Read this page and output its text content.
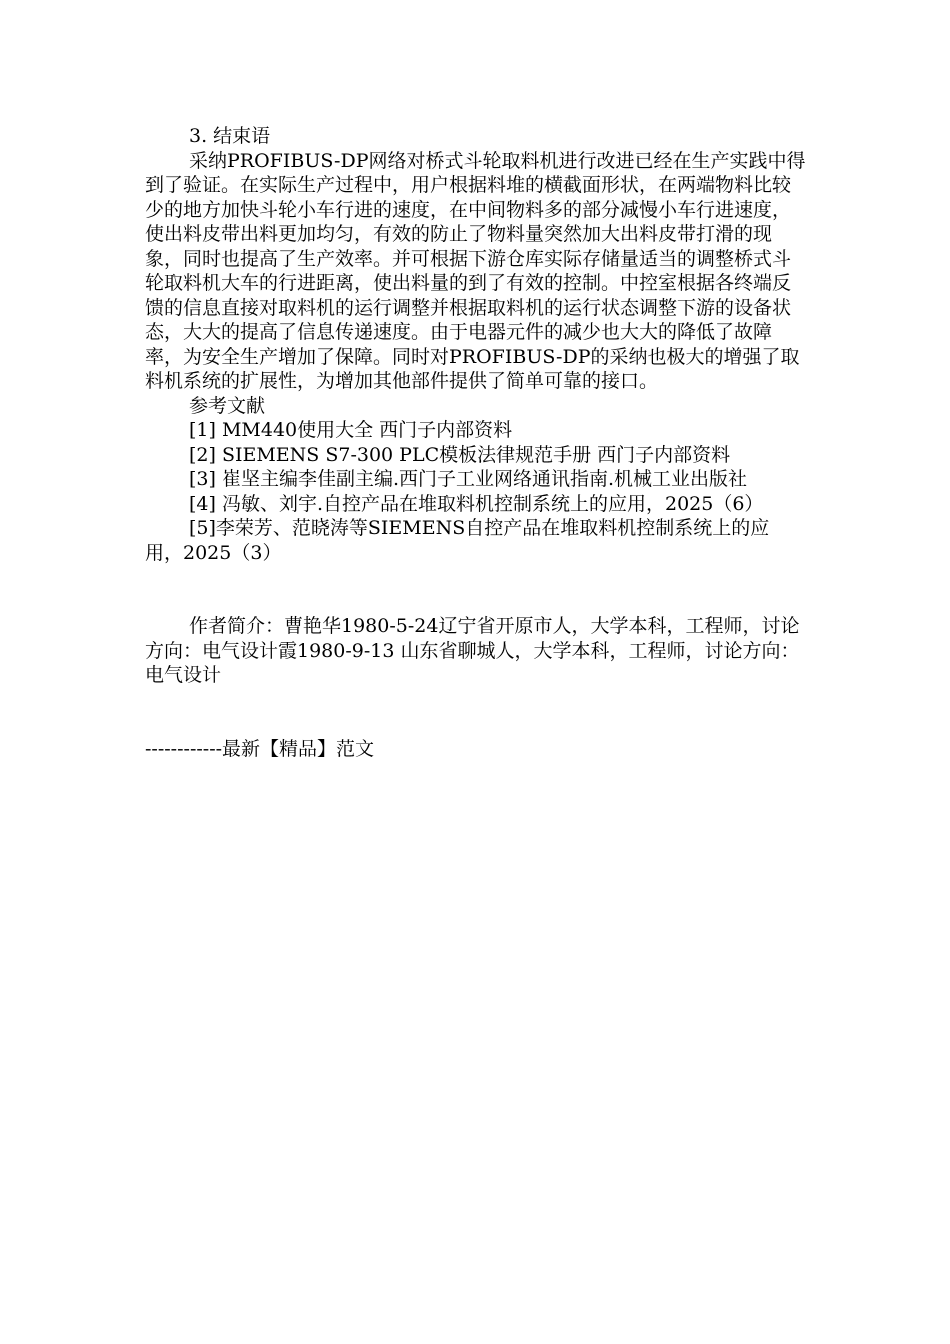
3. 结束语

采纳PROFIBUS-DP网络对桥式斗轮取料机进行改进已经在生产实践中得到了验证。在实际生产过程中，用户根据料堆的横截面形状，在两端物料比较少的地方加快斗轮小车行进的速度，在中间物料多的部分减慢小车行进速度，使出料皮带出料更加均匀，有效的防止了物料量突然加大出料皮带打滑的现象，同时也提高了生产效率。并可根据下游仓库实际存储量适当的调整桥式斗轮取料机大车的行进距离，使出料量的到了有效的控制。中控室根据各终端反馈的信息直接对取料机的运行调整并根据取料机的运行状态调整下游的设备状态，大大的提高了信息传递速度。由于电器元件的减少也大大的降低了故障率，为安全生产增加了保障。同时对PROFIBUS-DP的采纳也极大的增强了取料机系统的扩展性，为增加其他部件提供了简单可靠的接口。

参考文献

[1] MM440使用大全 西门子内部资料

[2] SIEMENS S7-300 PLC模板法律规范手册 西门子内部资料

[3] 崔坚主编李佳副主编.西门子工业网络通讯指南.机械工业出版社

[4] 冯敏、刘宇.自控产品在堆取料机控制系统上的应用，2025（6）

[5]李荣芳、范晓涛等SIEMENS自控产品在堆取料机控制系统上的应用，2025（3）

作者简介：曹艳华1980-5-24辽宁省开原市人，大学本科，工程师，讨论方向：电气设计霞1980-9-13 山东省聊城人，大学本科，工程师，讨论方向：电气设计

------------最新【精品】范文
